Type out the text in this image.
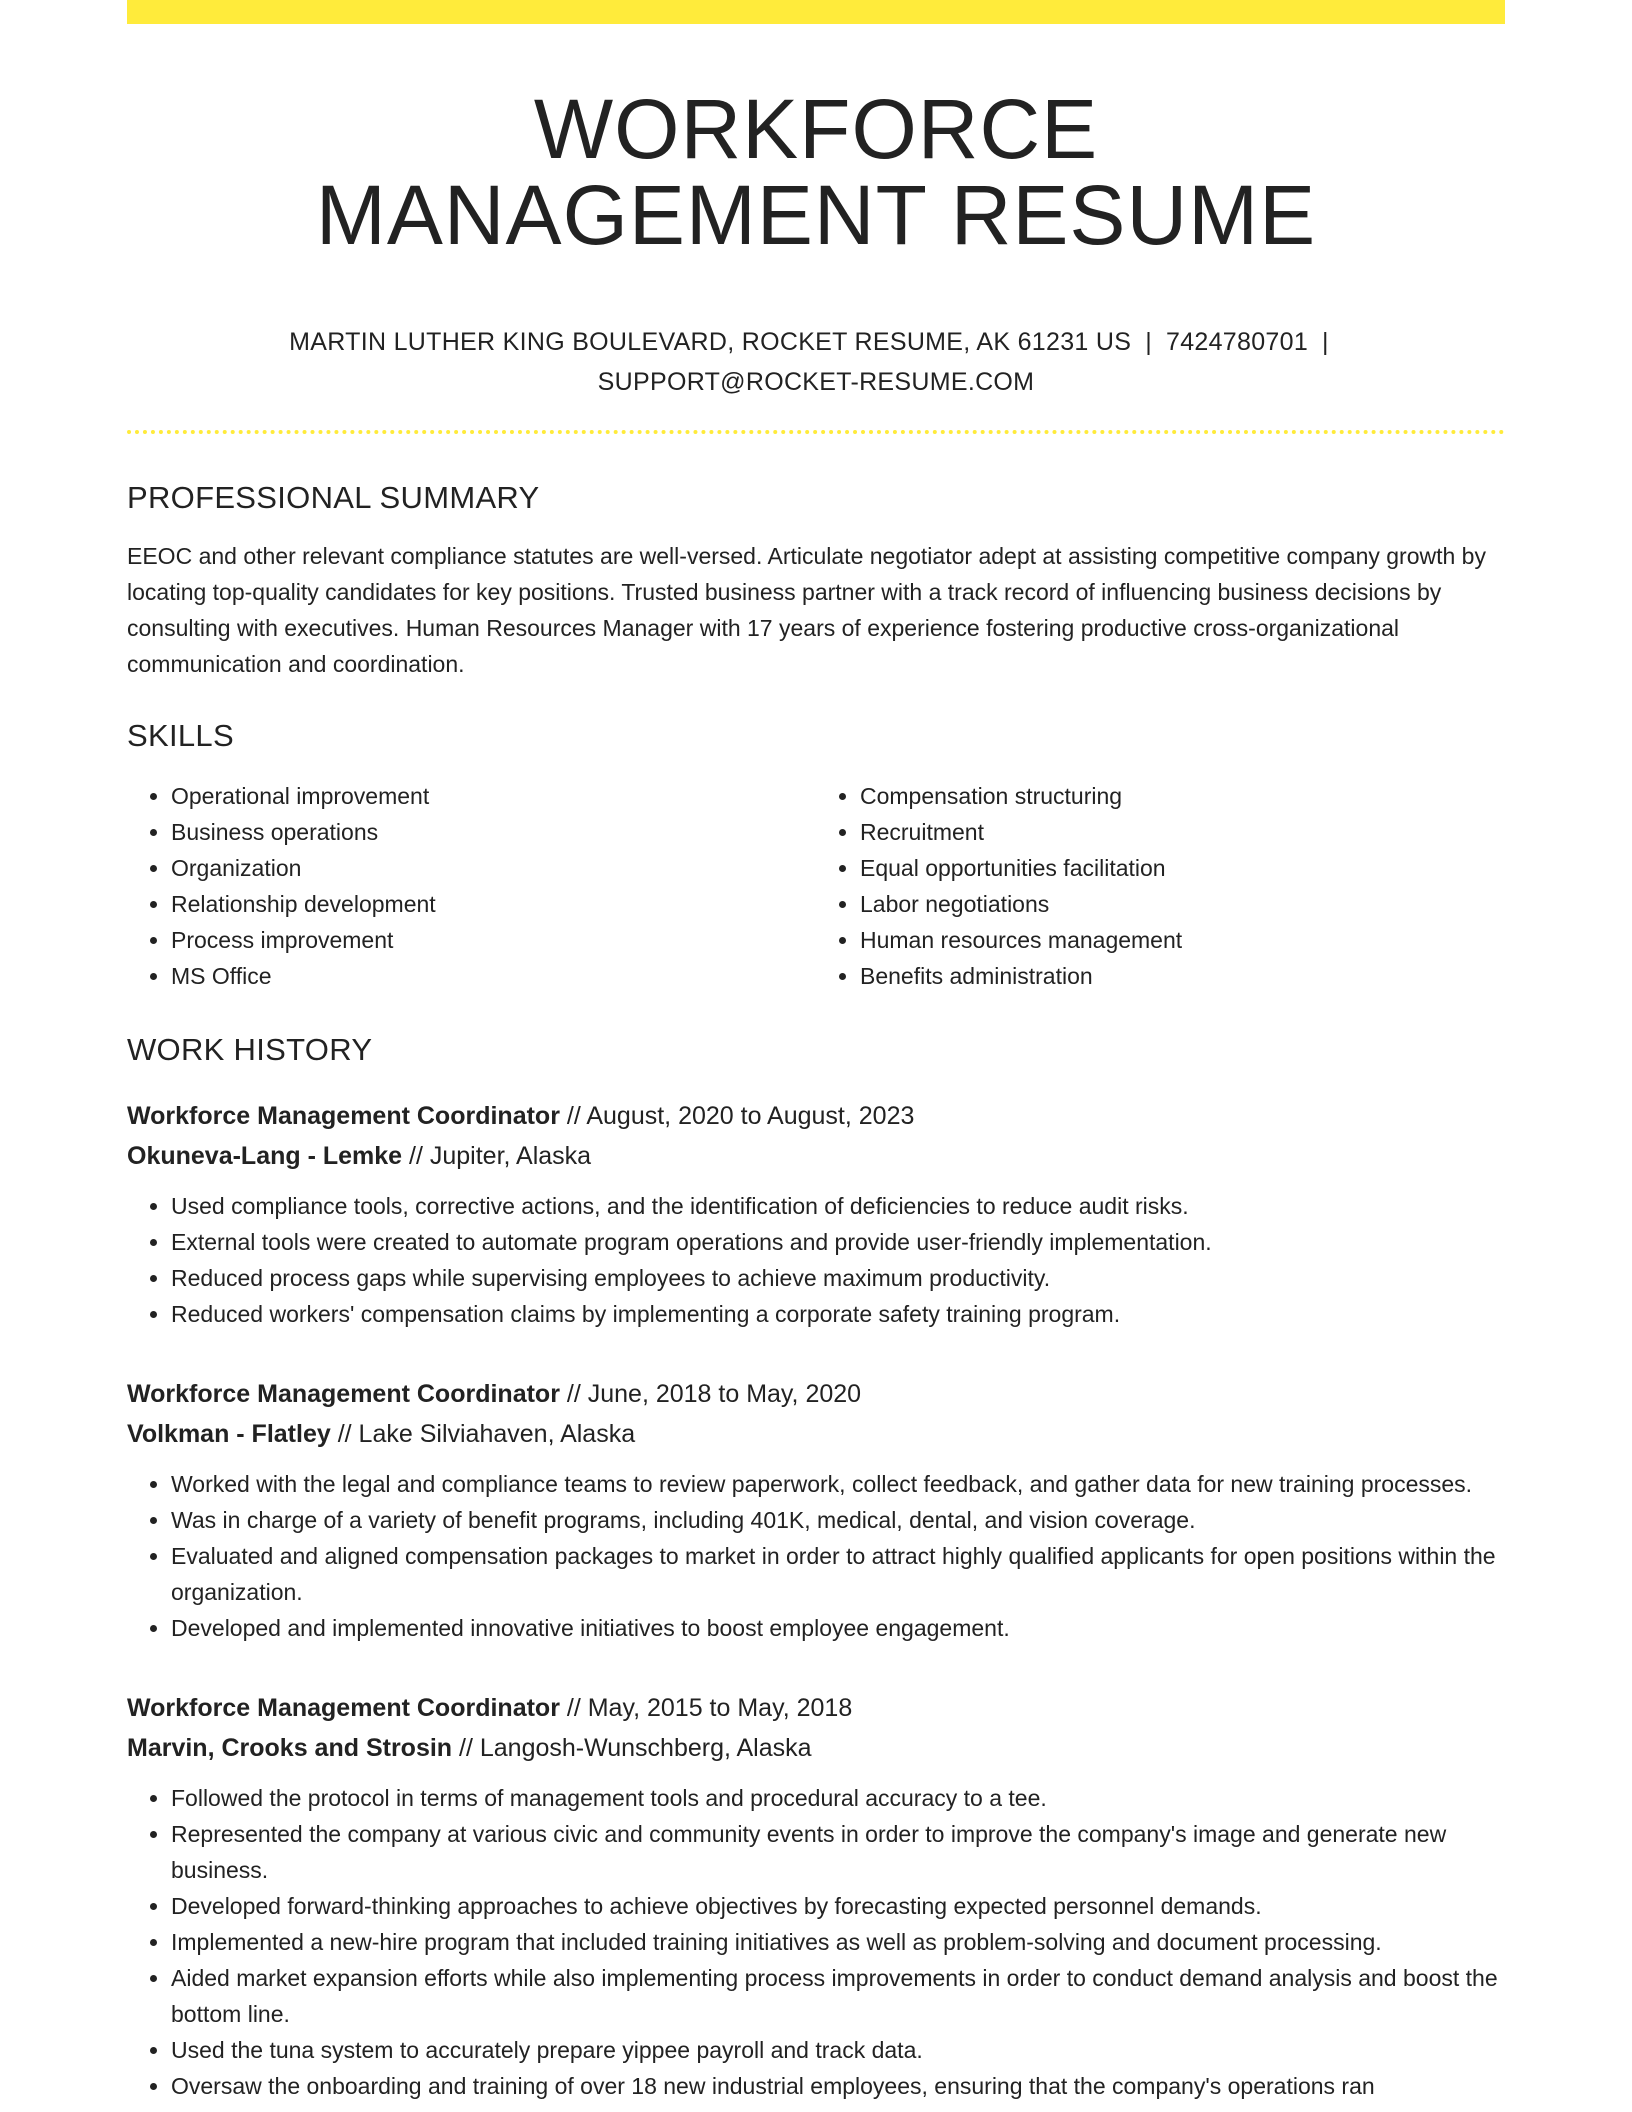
WORKFORCE
MANAGEMENT RESUME
MARTIN LUTHER KING BOULEVARD, ROCKET RESUME, AK 61231 US | 7424780701 |
SUPPORT@ROCKET-RESUME.COM
PROFESSIONAL SUMMARY

EEOC and other relevant compliance statutes are well-versed. Articulate negotiator adept at assisting competitive company growth by locating top-quality candidates for key positions. Trusted business partner with a track record of influencing business decisions by consulting with executives. Human Resources Manager with 17 years of experience fostering productive cross-organizational communication and coordination.

SKILLS
• Operational improvement
• Business operations
• Organization
• Relationship development
• Process improvement
• MS Office
• Compensation structuring
• Recruitment
• Equal opportunities facilitation
• Labor negotiations
• Human resources management
• Benefits administration
WORK HISTORY
Workforce Management Coordinator // August, 2020 to August, 2023
Okuneva-Lang - Lemke // Jupiter, Alaska
• Used compliance tools, corrective actions, and the identification of deficiencies to reduce audit risks.
• External tools were created to automate program operations and provide user-friendly implementation.
• Reduced process gaps while supervising employees to achieve maximum productivity.
• Reduced workers' compensation claims by implementing a corporate safety training program.
Workforce Management Coordinator // June, 2018 to May, 2020
Volkman - Flatley // Lake Silviahaven, Alaska
• Worked with the legal and compliance teams to review paperwork, collect feedback, and gather data for new training processes.
• Was in charge of a variety of benefit programs, including 401K, medical, dental, and vision coverage.
• Evaluated and aligned compensation packages to market in order to attract highly qualified applicants for open positions within the organization.
• Developed and implemented innovative initiatives to boost employee engagement.
Workforce Management Coordinator // May, 2015 to May, 2018
Marvin, Crooks and Strosin // Langosh-Wunschberg, Alaska
• Followed the protocol in terms of management tools and procedural accuracy to a tee.
• Represented the company at various civic and community events in order to improve the company's image and generate new business.
• Developed forward-thinking approaches to achieve objectives by forecasting expected personnel demands.
• Implemented a new-hire program that included training initiatives as well as problem-solving and document processing.
• Aided market expansion efforts while also implementing process improvements in order to conduct demand analysis and boost the bottom line.
• Used the tuna system to accurately prepare yippee payroll and track data.
• Oversaw the onboarding and training of over 18 new industrial employees, ensuring that the company's operations ran
